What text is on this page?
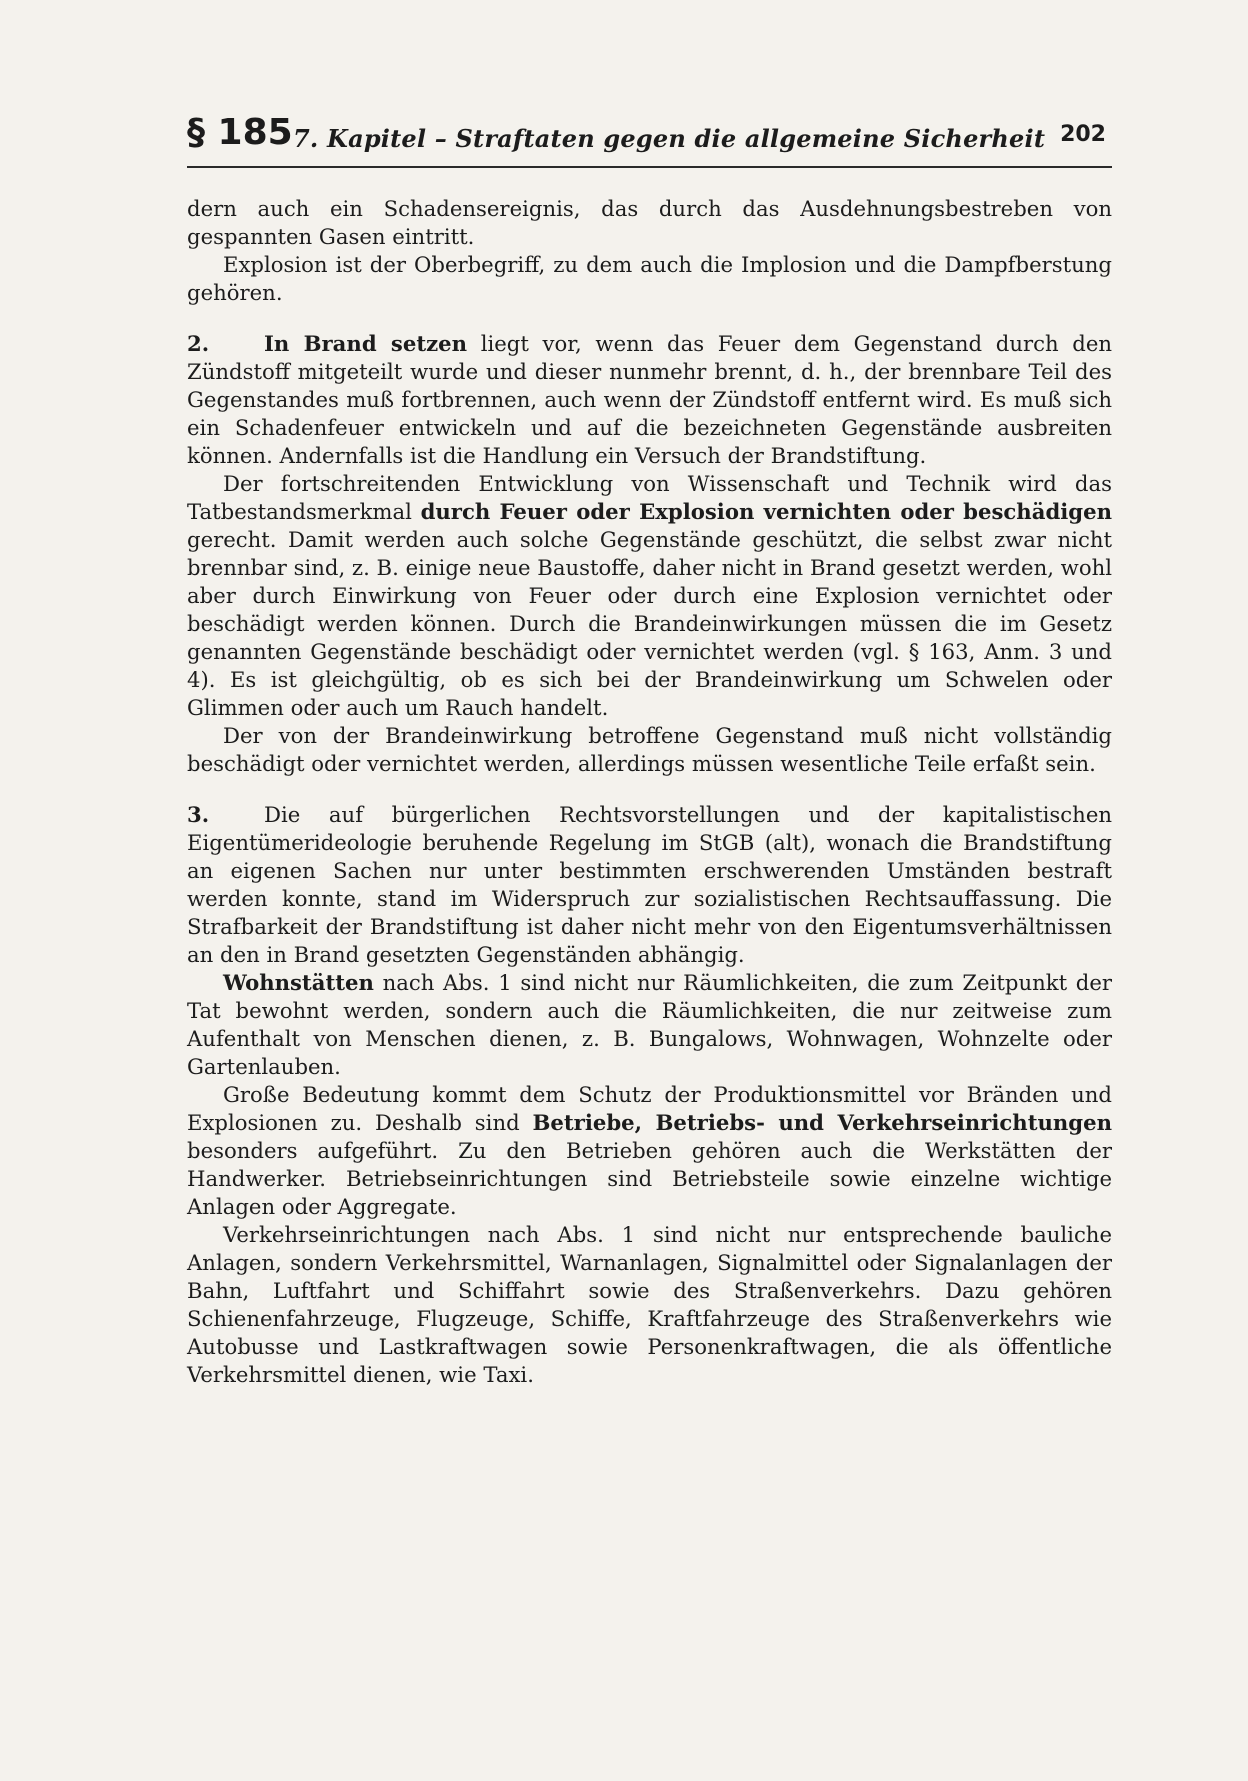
§ 185 7. Kapitel – Straftaten gegen die allgemeine Sicherheit 202

dern auch ein Schadensereignis, das durch das Ausdehnungsbestreben von gespannten Gasen eintritt.

Explosion ist der Oberbegriff, zu dem auch die Implosion und die Dampfberstung gehören.

2.	In Brand setzen liegt vor, wenn das Feuer dem Gegenstand durch den Zündstoff mitgeteilt wurde und dieser nunmehr brennt, d. h., der brennbare Teil des Gegenstandes muß fortbrennen, auch wenn der Zündstoff entfernt wird. Es muß sich ein Schadenfeuer entwickeln und auf die bezeichneten Gegenstände ausbreiten können. Andernfalls ist die Handlung ein Versuch der Brandstiftung.

Der fortschreitenden Entwicklung von Wissenschaft und Technik wird das Tatbestandsmerkmal durch Feuer oder Explosion vernichten oder beschädigen gerecht. Damit werden auch solche Gegenstände geschützt, die selbst zwar nicht brennbar sind, z. B. einige neue Baustoffe, daher nicht in Brand gesetzt werden, wohl aber durch Einwirkung von Feuer oder durch eine Explosion vernichtet oder beschädigt werden können. Durch die Brandeinwirkungen müssen die im Gesetz genannten Gegenstände beschädigt oder vernichtet werden (vgl. § 163, Anm. 3 und 4). Es ist gleichgültig, ob es sich bei der Brandeinwirkung um Schwelen oder Glimmen oder auch um Rauch handelt.

Der von der Brandeinwirkung betroffene Gegenstand muß nicht vollständig beschädigt oder vernichtet werden, allerdings müssen wesentliche Teile erfaßt sein.

3.	Die auf bürgerlichen Rechtsvorstellungen und der kapitalistischen Eigentümerideologie beruhende Regelung im StGB (alt), wonach die Brandstiftung an eigenen Sachen nur unter bestimmten erschwerenden Umständen bestraft werden konnte, stand im Widerspruch zur sozialistischen Rechtsauffassung. Die Strafbarkeit der Brandstiftung ist daher nicht mehr von den Eigentumsverhältnissen an den in Brand gesetzten Gegenständen abhängig.

Wohnstätten nach Abs. 1 sind nicht nur Räumlichkeiten, die zum Zeitpunkt der Tat bewohnt werden, sondern auch die Räumlichkeiten, die nur zeitweise zum Aufenthalt von Menschen dienen, z. B. Bungalows, Wohnwagen, Wohnzelte oder Gartenlauben.

Große Bedeutung kommt dem Schutz der Produktionsmittel vor Bränden und Explosionen zu. Deshalb sind Betriebe, Betriebs- und Verkehrseinrichtungen besonders aufgeführt. Zu den Betrieben gehören auch die Werkstätten der Handwerker. Betriebseinrichtungen sind Betriebsteile sowie einzelne wichtige Anlagen oder Aggregate.

Verkehrseinrichtungen nach Abs. 1 sind nicht nur entsprechende bauliche Anlagen, sondern Verkehrsmittel, Warnanlagen, Signalmittel oder Signalanlagen der Bahn, Luftfahrt und Schiffahrt sowie des Straßenverkehrs. Dazu gehören Schienenfahrzeuge, Flugzeuge, Schiffe, Kraftfahrzeuge des Straßenverkehrs wie Autobusse und Lastkraftwagen sowie Personenkraftwagen, die als öffentliche Verkehrsmittel dienen, wie Taxi.
